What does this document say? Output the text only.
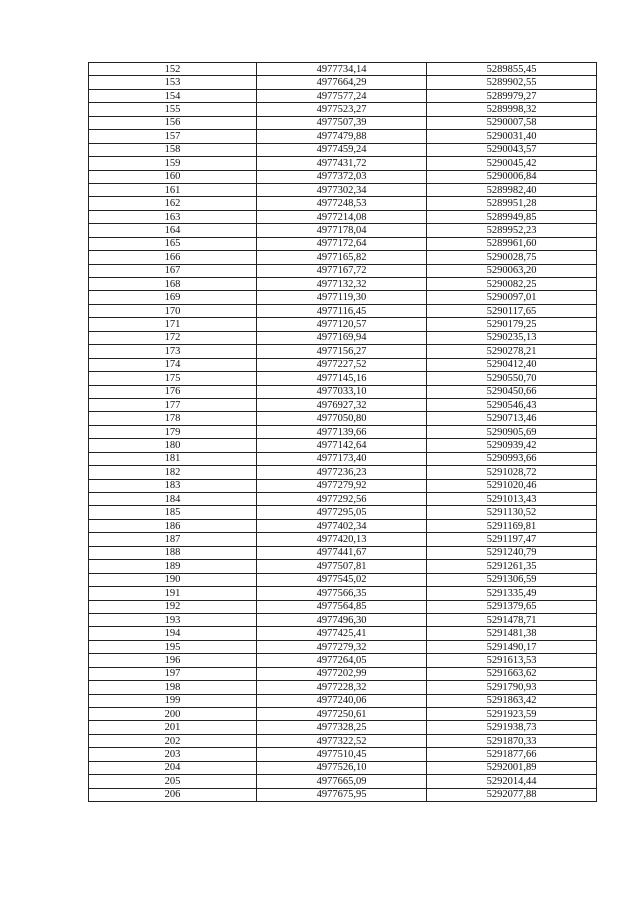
152	4977734,14	5289855,45
153	4977664,29	5289902,55
154	4977577,24	5289979,27
155	4977523,27	5289998,32
156	4977507,39	5290007,58
157	4977479,88	5290031,40
158	4977459,24	5290043,57
159	4977431,72	5290045,42
160	4977372,03	5290006,84
161	4977302,34	5289982,40
162	4977248,53	5289951,28
163	4977214,08	5289949,85
164	4977178,04	5289952,23
165	4977172,64	5289961,60
166	4977165,82	5290028,75
167	4977167,72	5290063,20
168	4977132,32	5290082,25
169	4977119,30	5290097,01
170	4977116,45	5290117,65
171	4977120,57	5290179,25
172	4977169,94	5290235,13
173	4977156,27	5290278,21
174	4977227,52	5290412,40
175	4977145,16	5290550,70
176	4977033,10	5290450,66
177	4976927,32	5290546,43
178	4977050,80	5290713,46
179	4977139,66	5290905,69
180	4977142,64	5290939,42
181	4977173,40	5290993,66
182	4977236,23	5291028,72
183	4977279,92	5291020,46
184	4977292,56	5291013,43
185	4977295,05	5291130,52
186	4977402,34	5291169,81
187	4977420,13	5291197,47
188	4977441,67	5291240,79
189	4977507,81	5291261,35
190	4977545,02	5291306,59
191	4977566,35	5291335,49
192	4977564,85	5291379,65
193	4977496,30	5291478,71
194	4977425,41	5291481,38
195	4977279,32	5291490,17
196	4977264,05	5291613,53
197	4977202,99	5291663,62
198	4977228,32	5291790,93
199	4977240,06	5291863,42
200	4977250,61	5291923,59
201	4977328,25	5291938,73
202	4977322,52	5291870,33
203	4977510,45	5291877,66
204	4977526,10	5292001,89
205	4977665,09	5292014,44
206	4977675,95	5292077,88
